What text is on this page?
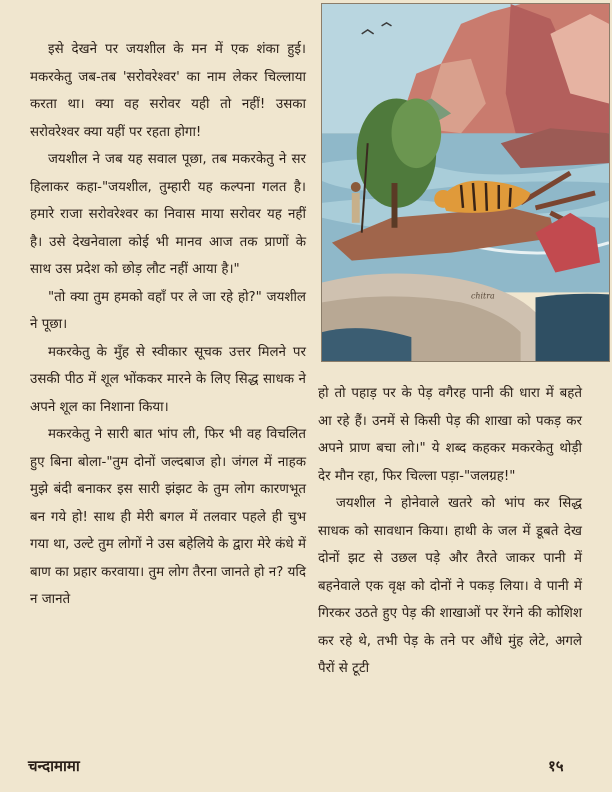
इसे देखने पर जयशील के मन में एक शंका हुई। मकरकेतु जब-तब 'सरोवरेश्वर' का नाम लेकर चिल्लाया करता था। क्या वह सरोवर यही तो नहीं! उसका सरोवरेश्वर क्या यहीं पर रहता होगा!

जयशील ने जब यह सवाल पूछा, तब मकरकेतु ने सर हिलाकर कहा-"जयशील, तुम्हारी यह कल्पना गलत है। हमारे राजा सरोवरेश्वर का निवास माया सरोवर यह नहीं है। उसे देखनेवाला कोई भी मानव आज तक प्राणों के साथ उस प्रदेश को छोड़ लौट नहीं आया है।"

"तो क्या तुम हमको वहाँ पर ले जा रहे हो?" जयशील ने पूछा।

मकरकेतु के मुँह से स्वीकार सूचक उत्तर मिलने पर उसकी पीठ में शूल भोंककर मारने के लिए सिद्ध साधक ने अपने शूल का निशाना किया।

मकरकेतु ने सारी बात भांप ली, फिर भी वह विचलित हुए बिना बोला-"तुम दोनों जल्दबाज हो। जंगल में नाहक मुझे बंदी बनाकर इस सारी झंझट के तुम लोग कारणभूत बन गये हो! साथ ही मेरी बगल में तलवार पहले ही चुभ गया था, उल्टे तुम लोगों ने उस बहेलिये के द्वारा मेरे कंधे में बाण का प्रहार करवाया। तुम लोग तैरना जानते हो न? यदि न जानते

chitra

हो तो पहाड़ पर के पेड़ वगैरह पानी की धारा में बहते आ रहे हैं। उनमें से किसी पेड़ की शाखा को पकड़ कर अपने प्राण बचा लो।" ये शब्द कहकर मकरकेतु थोड़ी देर मौन रहा, फिर चिल्ला पड़ा-"जलग्रह!"

जयशील ने होनेवाले खतरे को भांप कर सिद्ध साधक को सावधान किया। हाथी के जल में डूबते देख दोनों झट से उछल पड़े और तैरते जाकर पानी में बहनेवाले एक वृक्ष को दोनों ने पकड़ लिया। वे पानी में गिरकर उठते हुए पेड़ की शाखाओं पर रेंगने की कोशिश कर रहे थे, तभी पेड़ के तने पर औंधे मुंह लेटे, अगले पैरों से टूटी

चन्दामामा	१५
